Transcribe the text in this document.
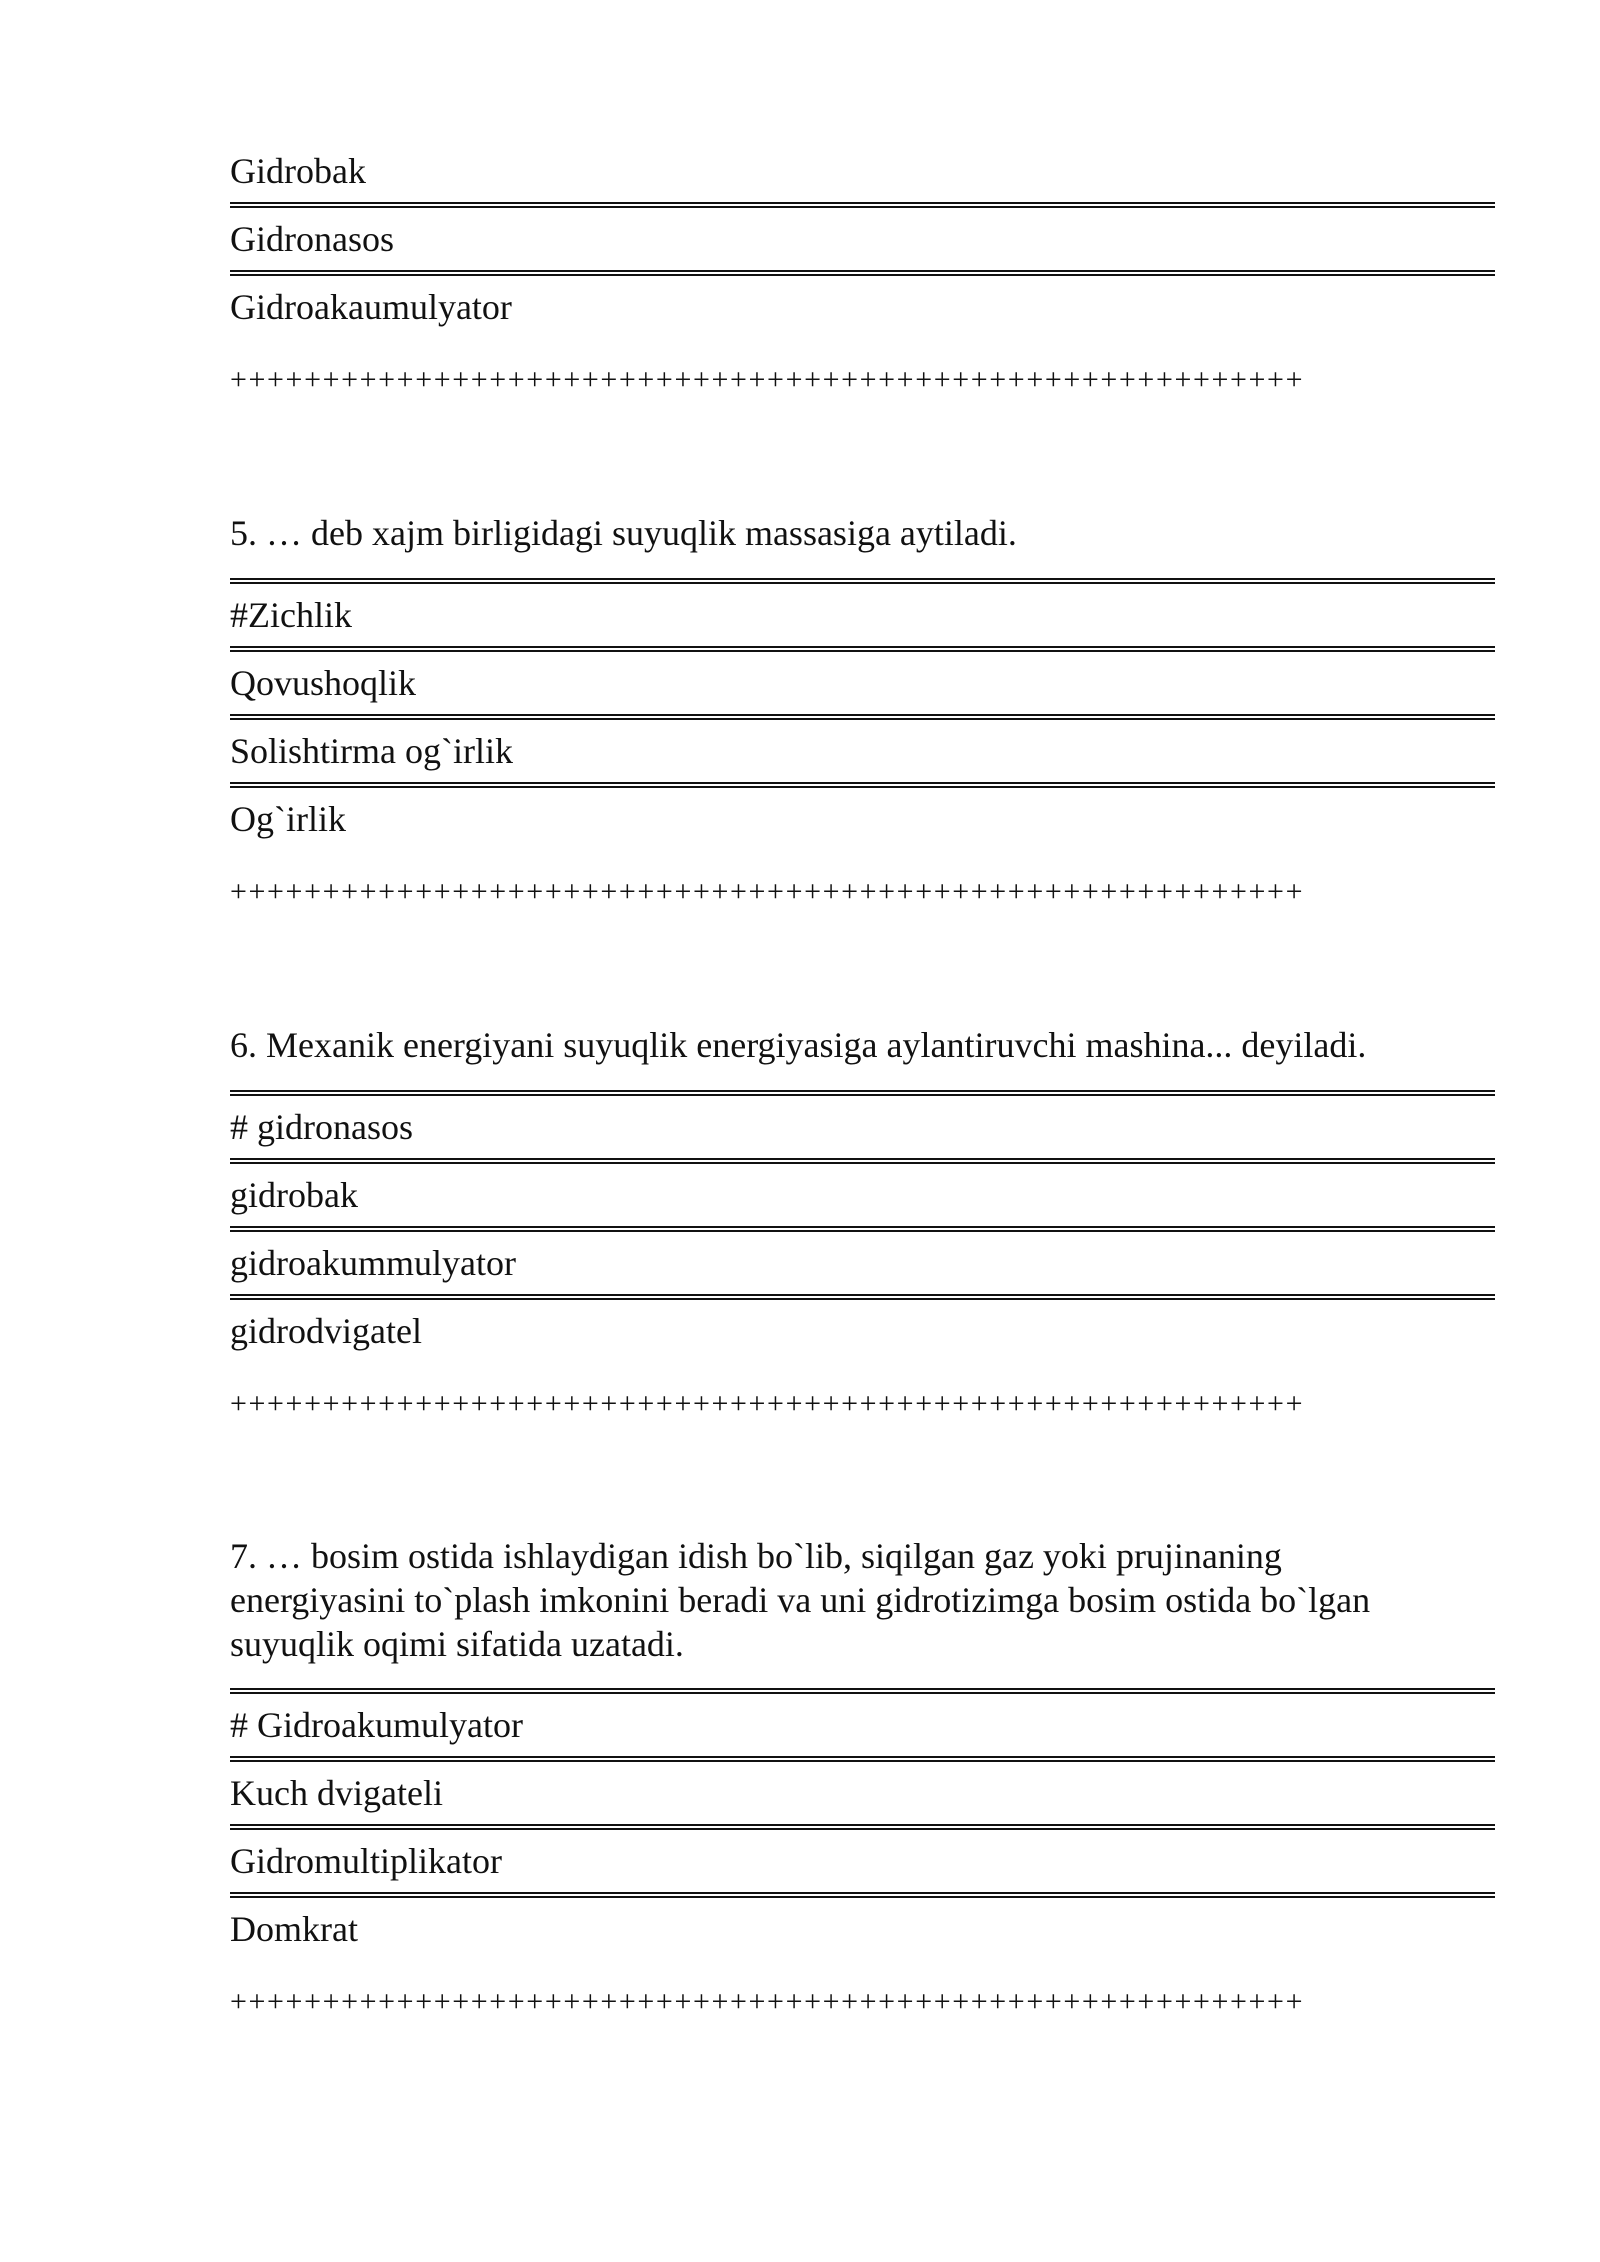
Gidrobak
Gidronasos
Gidroakaumulyator
++++++++++++++++++++++++++++++++++++++++++++++++++++++++++
5. … deb xajm birligidagi suyuqlik massasiga aytiladi.
#Zichlik
Qovushoqlik
Solishtirma og`irlik
Og`irlik
++++++++++++++++++++++++++++++++++++++++++++++++++++++++++
6. Mexanik energiyani suyuqlik energiyasiga aylantiruvchi mashina... deyiladi.
# gidronasos
gidrobak
gidroakummulyator
gidrodvigatel
++++++++++++++++++++++++++++++++++++++++++++++++++++++++++
7. … bosim ostida ishlaydigan idish bo`lib, siqilgan gaz yoki prujinaning
energiyasini to`plash imkonini beradi va uni gidrotizimga bosim ostida bo`lgan
suyuqlik oqimi sifatida uzatadi.
# Gidroakumulyator
Kuch dvigateli
Gidromultiplikator
Domkrat
++++++++++++++++++++++++++++++++++++++++++++++++++++++++++
